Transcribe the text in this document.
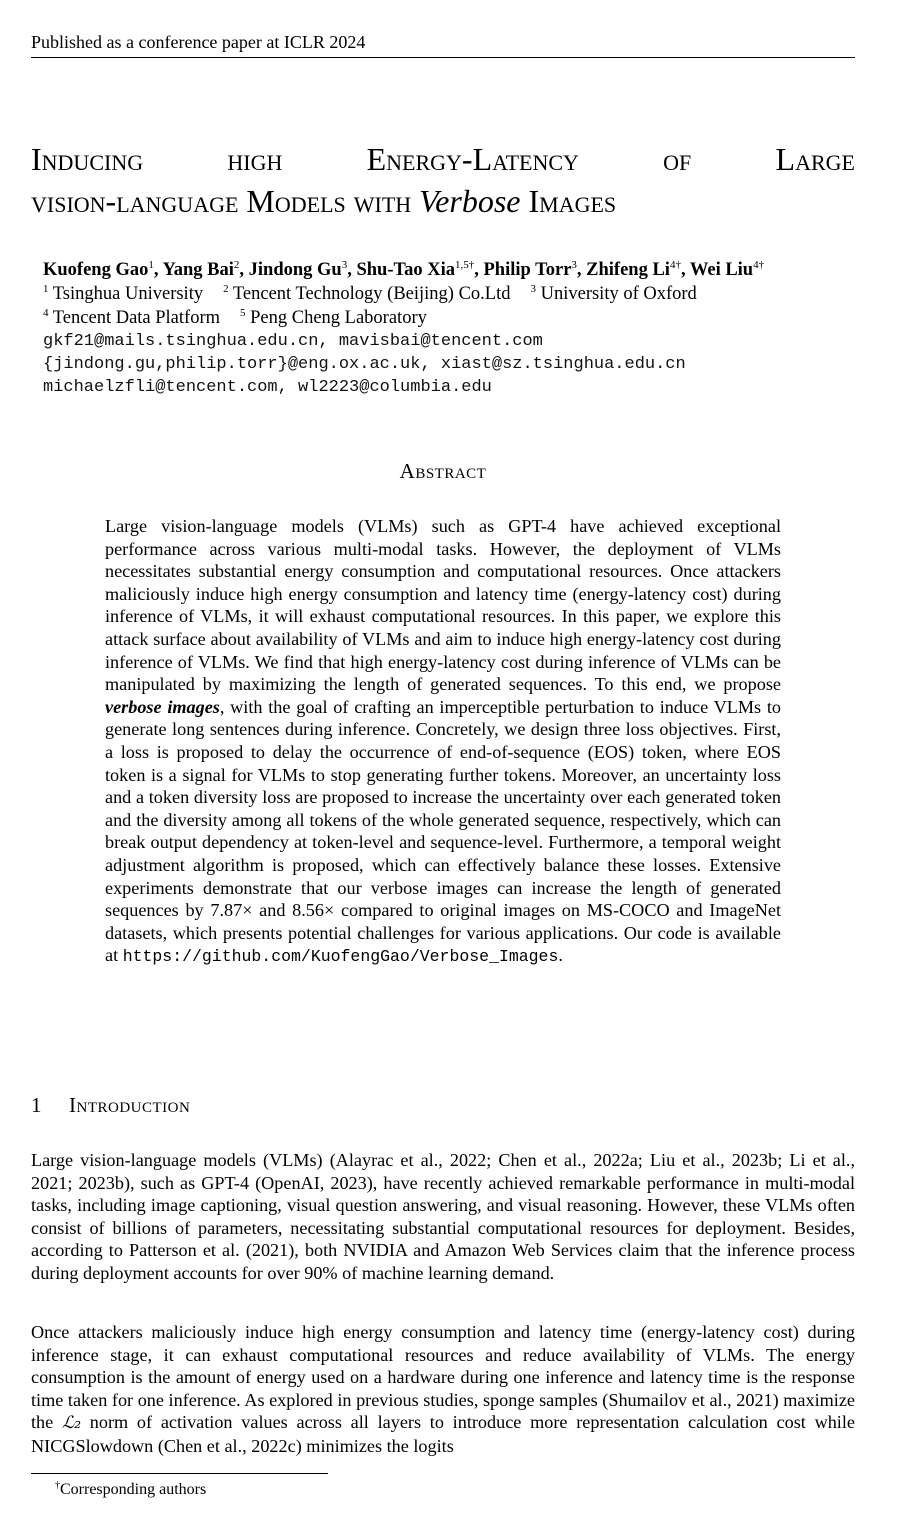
Published as a conference paper at ICLR 2024
Inducing high Energy-Latency of Large
vision-language Models with Verbose Images
Kuofeng Gao$^1$, Yang Bai$^2$, Jindong Gu$^3$, Shu-Tao Xia$^{1,5\dagger}$, Philip Torr$^3$, Zhifeng $Li^{4\dagger}$, Wei Liu$^{4\dagger}$
$^1$ Tsinghua University $^2$ Tencent Technology (Beijing) Co.Ltd $^3$ University of Oxford
$^4$ Tencent Data Platform $^5$ Peng Cheng Laboratory
gkf21@mails.tsinghua.edu.cn, mavisbai@tencent.com
{jindong.gu,philip.torr}@eng.ox.ac.uk, xiast@sz.tsinghua.edu.cn
michaelzfli@tencent.com, wl2223@columbia.edu
Abstract
Large vision-language models (VLMs) such as GPT-4 have achieved exceptional performance across various multi-modal tasks. However, the deployment of VLMs necessitates substantial energy consumption and computational resources. Once attackers maliciously induce high energy consumption and latency time (energy-latency cost) during inference of VLMs, it will exhaust computational resources. In this paper, we explore this attack surface about availability of VLMs and aim to induce high energy-latency cost during inference of VLMs. We find that high energy-latency cost during inference of VLMs can be manipulated by maximizing the length of generated sequences. To this end, we propose verbose images, with the goal of crafting an imperceptible perturbation to induce VLMs to generate long sentences during inference. Concretely, we design three loss objectives. First, a loss is proposed to delay the occurrence of end-of-sequence (EOS) token, where EOS token is a signal for VLMs to stop generating further tokens. Moreover, an uncertainty loss and a token diversity loss are proposed to increase the uncertainty over each generated token and the diversity among all tokens of the whole generated sequence, respectively, which can break output dependency at token-level and sequence-level. Furthermore, a temporal weight adjustment algorithm is proposed, which can effectively balance these losses. Extensive experiments demonstrate that our verbose images can increase the length of generated sequences by 7.87× and 8.56× compared to original images on MS-COCO and ImageNet datasets, which presents potential challenges for various applications. Our code is available at https://github.com/KuofengGao/Verbose_Images.
1 Introduction
Large vision-language models (VLMs) (Alayrac et al., 2022; Chen et al., 2022a; Liu et al., 2023b; Li et al., 2021; 2023b), such as GPT-4 (OpenAI, 2023), have recently achieved remarkable performance in multi-modal tasks, including image captioning, visual question answering, and visual reasoning. However, these VLMs often consist of billions of parameters, necessitating substantial computational resources for deployment. Besides, according to Patterson et al. (2021), both NVIDIA and Amazon Web Services claim that the inference process during deployment accounts for over 90% of machine learning demand.
Once attackers maliciously induce high energy consumption and latency time (energy-latency cost) during inference stage, it can exhaust computational resources and reduce availability of VLMs. The energy consumption is the amount of energy used on a hardware during one inference and latency time is the response time taken for one inference. As explored in previous studies, sponge samples (Shumailov et al., 2021) maximize the ℒ₂ norm of activation values across all layers to introduce more representation calculation cost while NICGSlowdown (Chen et al., 2022c) minimizes the logits
†Corresponding authors
